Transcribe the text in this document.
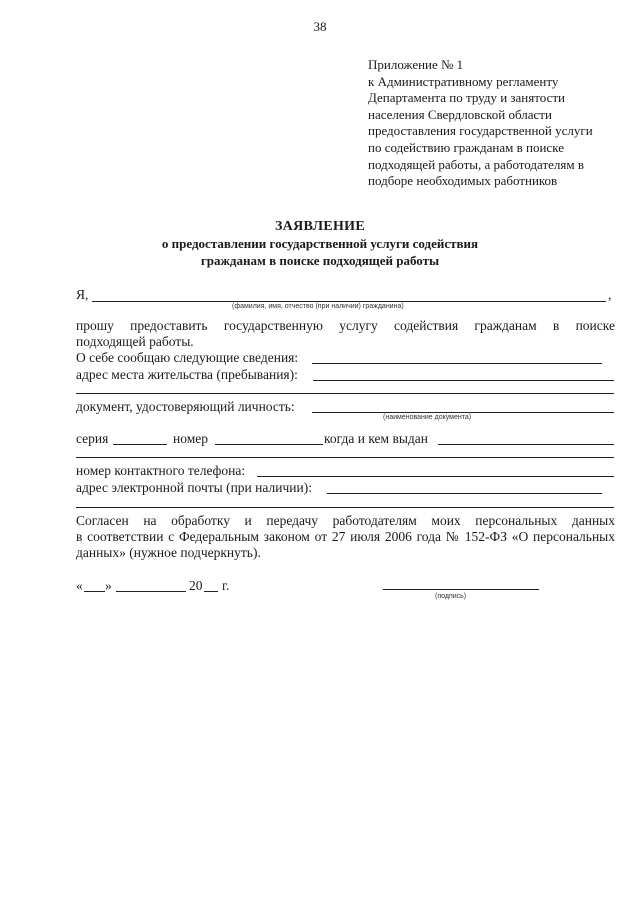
38
Приложение № 1
к Административному регламенту
Департамента по труду и занятости
населения Свердловской области
предоставления государственной услуги
по содействию гражданам в поиске
подходящей работы, а работодателям в
подборе необходимых работников
ЗАЯВЛЕНИЕ
о предоставлении государственной услуги содействия
гражданам в поиске подходящей работы
Я,	,
(фамилия, имя, отчество (при наличии) гражданина)
прошу предоставить государственную услугу содействия гражданам в поиске
подходящей работы.
О себе сообщаю следующие сведения:
адрес места жительства (пребывания):
документ, удостоверяющий личность:
(наименование документа)
серия	номер	когда и кем выдан
номер контактного телефона:
адрес электронной почты (при наличии):
Согласен на обработку и передачу работодателям моих персональных данных
в соответствии с Федеральным законом от 27 июля 2006 года № 152-ФЗ «О персональных
данных» (нужное подчеркнуть).
« »	20 г.
(подпись)
